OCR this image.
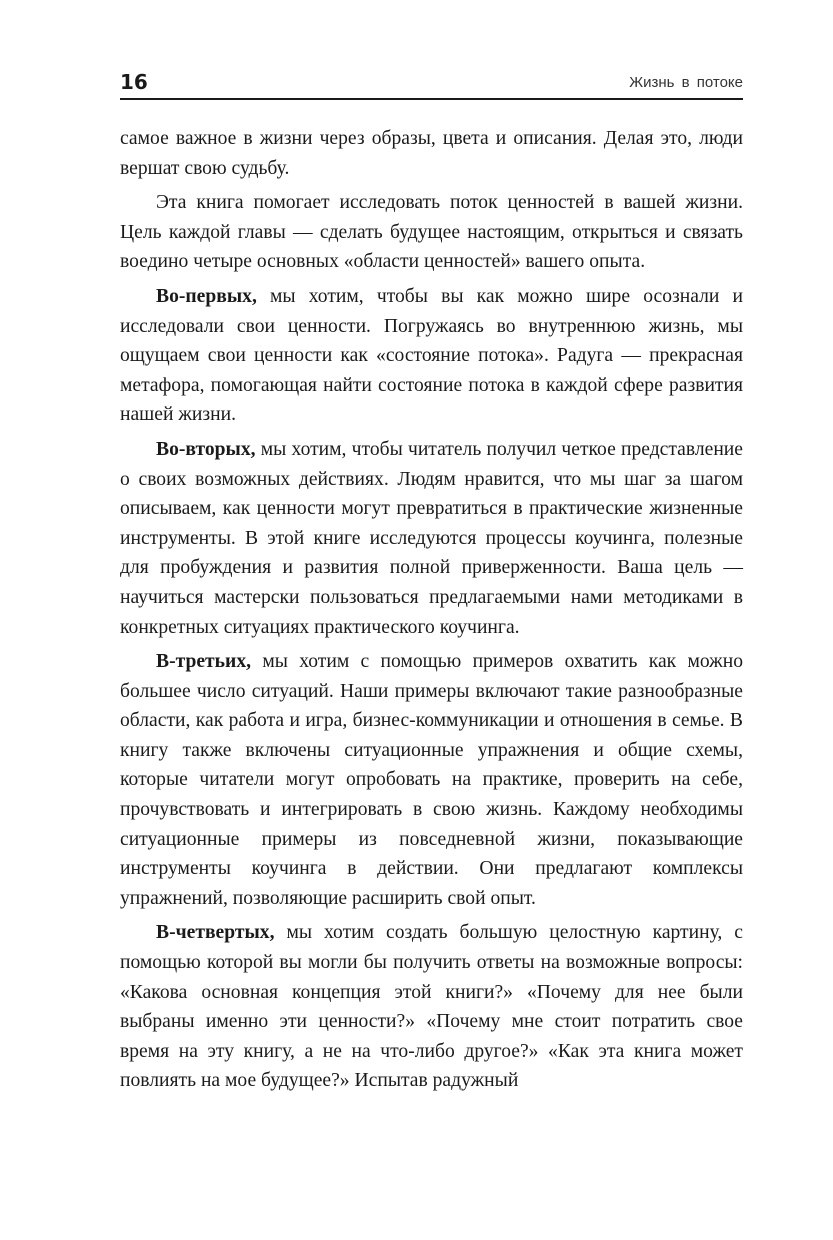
16	Жизнь в потоке

самое важное в жизни через образы, цвета и описания. Делая это, люди вершат свою судьбу.

Эта книга помогает исследовать поток ценностей в вашей жизни. Цель каждой главы — сделать будущее настоящим, открыться и связать воедино четыре основных «области ценностей» вашего опыта.

Во-первых, мы хотим, чтобы вы как можно шире осознали и исследовали свои ценности. Погружаясь во внутреннюю жизнь, мы ощущаем свои ценности как «состояние потока». Радуга — прекрасная метафора, помогающая найти состояние потока в каждой сфере развития нашей жизни.

Во-вторых, мы хотим, чтобы читатель получил четкое представление о своих возможных действиях. Людям нравится, что мы шаг за шагом описываем, как ценности могут превратиться в практические жизненные инструменты. В этой книге исследуются процессы коучинга, полезные для пробуждения и развития полной приверженности. Ваша цель — научиться мастерски пользоваться предлагаемыми нами методиками в конкретных ситуациях практического коучинга.

В-третьих, мы хотим с помощью примеров охватить как можно большее число ситуаций. Наши примеры включают такие разнообразные области, как работа и игра, бизнес-коммуникации и отношения в семье. В книгу также включены ситуационные упражнения и общие схемы, которые читатели могут опробовать на практике, проверить на себе, прочувствовать и интегрировать в свою жизнь. Каждому необходимы ситуационные примеры из повседневной жизни, показывающие инструменты коучинга в действии. Они предлагают комплексы упражнений, позволяющие расширить свой опыт.

В-четвертых, мы хотим создать большую целостную картину, с помощью которой вы могли бы получить ответы на возможные вопросы: «Какова основная концепция этой книги?» «Почему для нее были выбраны именно эти ценности?» «Почему мне стоит потратить свое время на эту книгу, а не на что-либо другое?» «Как эта книга может повлиять на мое будущее?» Испытав радужный
